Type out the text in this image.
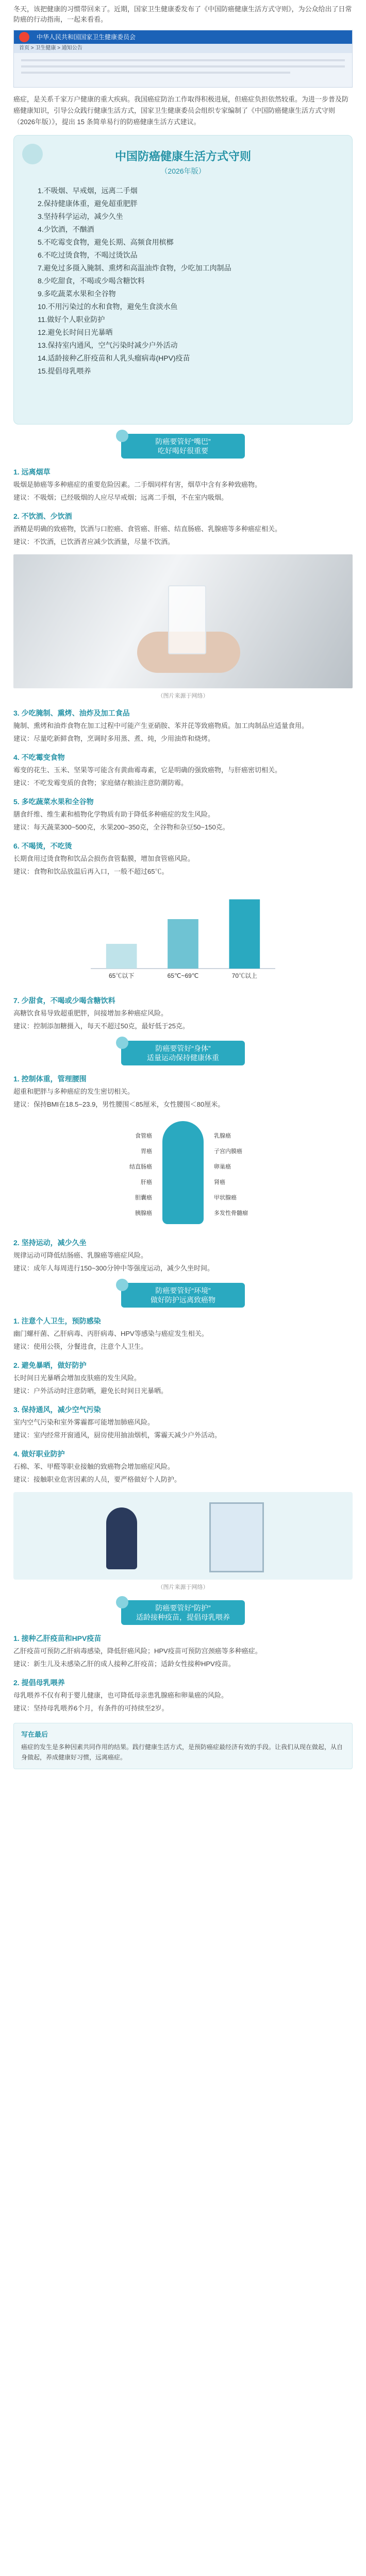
冬天，该把健康的习惯带回来了。近期，国家卫生健康委发布了《中国防癌健康生活方式守则》，为公众给出了日常防癌的行动指南，一起来看看。

中华人民共和国国家卫生健康委员会
首页 > 卫生健康 > 通知公告

癌症，是关系千家万户健康的重大疾病。我国癌症防治工作取得积极进展，但癌症负担依然较重。为进一步普及防癌健康知识，引导公众践行健康生活方式，国家卫生健康委员会组织专家编制了《中国防癌健康生活方式守则（2026年版）》，提出 15 条简单易行的防癌健康生活方式建议。

中国防癌健康生活方式守则
（2026年版）
1.不吸烟、早戒烟，远离二手烟
2.保持健康体重，避免超重肥胖
3.坚持科学运动，减少久坐
4.少饮酒，不酗酒
5.不吃霉变食物，避免长期、高频食用槟榔
6.不吃过烫食物，不喝过烫饮品
7.避免过多摄入腌制、熏烤和高温油炸食物，少吃加工肉制品
8.少吃甜食，不喝或少喝含糖饮料
9.多吃蔬菜水果和全谷物
10.不用污染过的水和食物，避免生食淡水鱼
11.做好个人职业防护
12.避免长时间日光暴晒
13.保持室内通风，空气污染时减少户外活动
14.适龄接种乙肝疫苗和人乳头瘤病毒(HPV)疫苗
15.提倡母乳喂养
防癌要管好“嘴巴”
吃好喝好很重要
1. 远离烟草

吸烟是肺癌等多种癌症的重要危险因素。二手烟同样有害，烟草中含有多种致癌物。

建议：不吸烟；已经吸烟的人应尽早戒烟；远离二手烟，不在室内吸烟。

2. 不饮酒、少饮酒

酒精是明确的致癌物，饮酒与口腔癌、食管癌、肝癌、结直肠癌、乳腺癌等多种癌症相关。

建议：不饮酒，已饮酒者应减少饮酒量，尽量不饮酒。

（图片来源于网络）

3. 少吃腌制、熏烤、油炸及加工食品

腌制、熏烤和油炸食物在加工过程中可能产生亚硝胺、苯并芘等致癌物质。加工肉制品应适量食用。

建议：尽量吃新鲜食物，烹调时多用蒸、煮、炖，少用油炸和烧烤。

4. 不吃霉变食物

霉变的花生、玉米、坚果等可能含有黄曲霉毒素，它是明确的强致癌物，与肝癌密切相关。

建议：不吃发霉变质的食物；家庭储存粮油注意防潮防霉。

5. 多吃蔬菜水果和全谷物

膳食纤维、维生素和植物化学物质有助于降低多种癌症的发生风险。

建议：每天蔬菜300~500克，水果200~350克，全谷物和杂豆50~150克。

6. 不喝烫，不吃烫

长期食用过烫食物和饮品会损伤食管黏膜，增加食管癌风险。

建议：食物和饮品放温后再入口，一般不超过65℃。

65℃以下	65℃~69℃	70℃以上
7. 少甜食，不喝或少喝含糖饮料

高糖饮食易导致超重肥胖，间接增加多种癌症风险。

建议：控制添加糖摄入，每天不超过50克，最好低于25克。

防癌要管好“身体”
适量运动保持健康体重
1. 控制体重，管理腰围

超重和肥胖与多种癌症的发生密切相关。

建议：保持BMI在18.5~23.9，男性腰围＜85厘米，女性腰围＜80厘米。

食管癌
胃癌
结直肠癌
肝癌
胆囊癌
胰腺癌
乳腺癌
子宫内膜癌
卵巢癌
肾癌
甲状腺癌
多发性骨髓瘤
2. 坚持运动，减少久坐

规律运动可降低结肠癌、乳腺癌等癌症风险。

建议：成年人每周进行150~300分钟中等强度运动，减少久坐时间。

防癌要管好“环境”
做好防护远离致癌物
1. 注意个人卫生，预防感染

幽门螺杆菌、乙肝病毒、丙肝病毒、HPV等感染与癌症发生相关。

建议：使用公筷，分餐进食，注意个人卫生。

2. 避免暴晒，做好防护

长时间日光暴晒会增加皮肤癌的发生风险。

建议：户外活动时注意防晒，避免长时间日光暴晒。

3. 保持通风，减少空气污染

室内空气污染和室外雾霾都可能增加肺癌风险。

建议：室内经常开窗通风，厨房使用抽油烟机，雾霾天减少户外活动。

4. 做好职业防护

石棉、苯、甲醛等职业接触的致癌物会增加癌症风险。

建议：接触职业危害因素的人员，要严格做好个人防护。

（图片来源于网络）

防癌要管好“防护”
适龄接种疫苗，提倡母乳喂养
1. 接种乙肝疫苗和HPV疫苗

乙肝疫苗可预防乙肝病毒感染，降低肝癌风险；HPV疫苗可预防宫颈癌等多种癌症。

建议：新生儿及未感染乙肝的成人接种乙肝疫苗；适龄女性接种HPV疫苗。

2. 提倡母乳喂养

母乳喂养不仅有利于婴儿健康，也可降低母亲患乳腺癌和卵巢癌的风险。

建议：坚持母乳喂养6个月，有条件的可持续至2岁。

写在最后
癌症的发生是多种因素共同作用的结果。践行健康生活方式，是预防癌症最经济有效的手段。让我们从现在做起，从自身做起，养成健康好习惯，远离癌症。
